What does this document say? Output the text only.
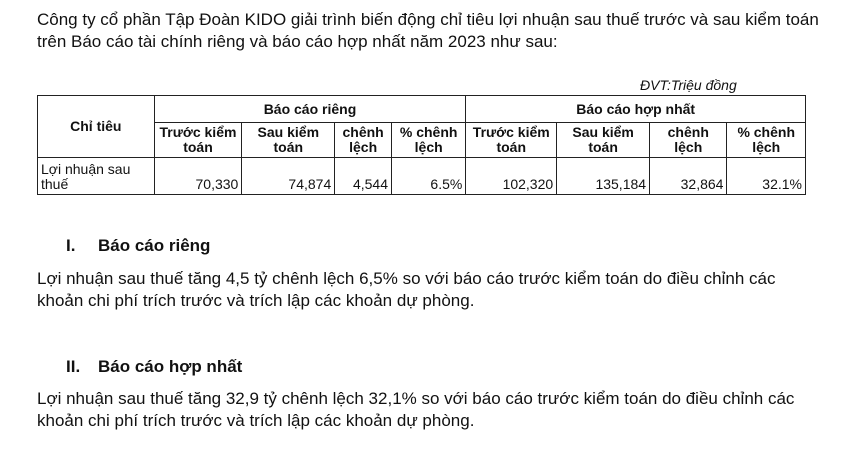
Công ty cổ phần Tập Đoàn KIDO giải trình biến động chỉ tiêu lợi nhuận sau thuế trước và sau kiểm toán trên Báo cáo tài chính riêng và báo cáo hợp nhất năm 2023 như sau:

ĐVT:Triệu đồng

Chỉ tiêu	Báo cáo riêng				Báo cáo hợp nhất			
	Trước kiểm toán	Sau kiểm toán	chênh lệch	% chênh lệch	Trước kiểm toán	Sau kiểm toán	chênh lệch	% chênh lệch
Lợi nhuận sau thuế	70,330	74,874	4,544	6.5%	102,320	135,184	32,864	32.1%
I. Báo cáo riêng

Lợi nhuận sau thuế tăng 4,5 tỷ chênh lệch 6,5% so với báo cáo trước kiểm toán do điều chỉnh các khoản chi phí trích trước và trích lập các khoản dự phòng.

II. Báo cáo hợp nhất

Lợi nhuận sau thuế tăng 32,9 tỷ chênh lệch 32,1% so với báo cáo trước kiểm toán do điều chỉnh các khoản chi phí trích trước và trích lập các khoản dự phòng.
